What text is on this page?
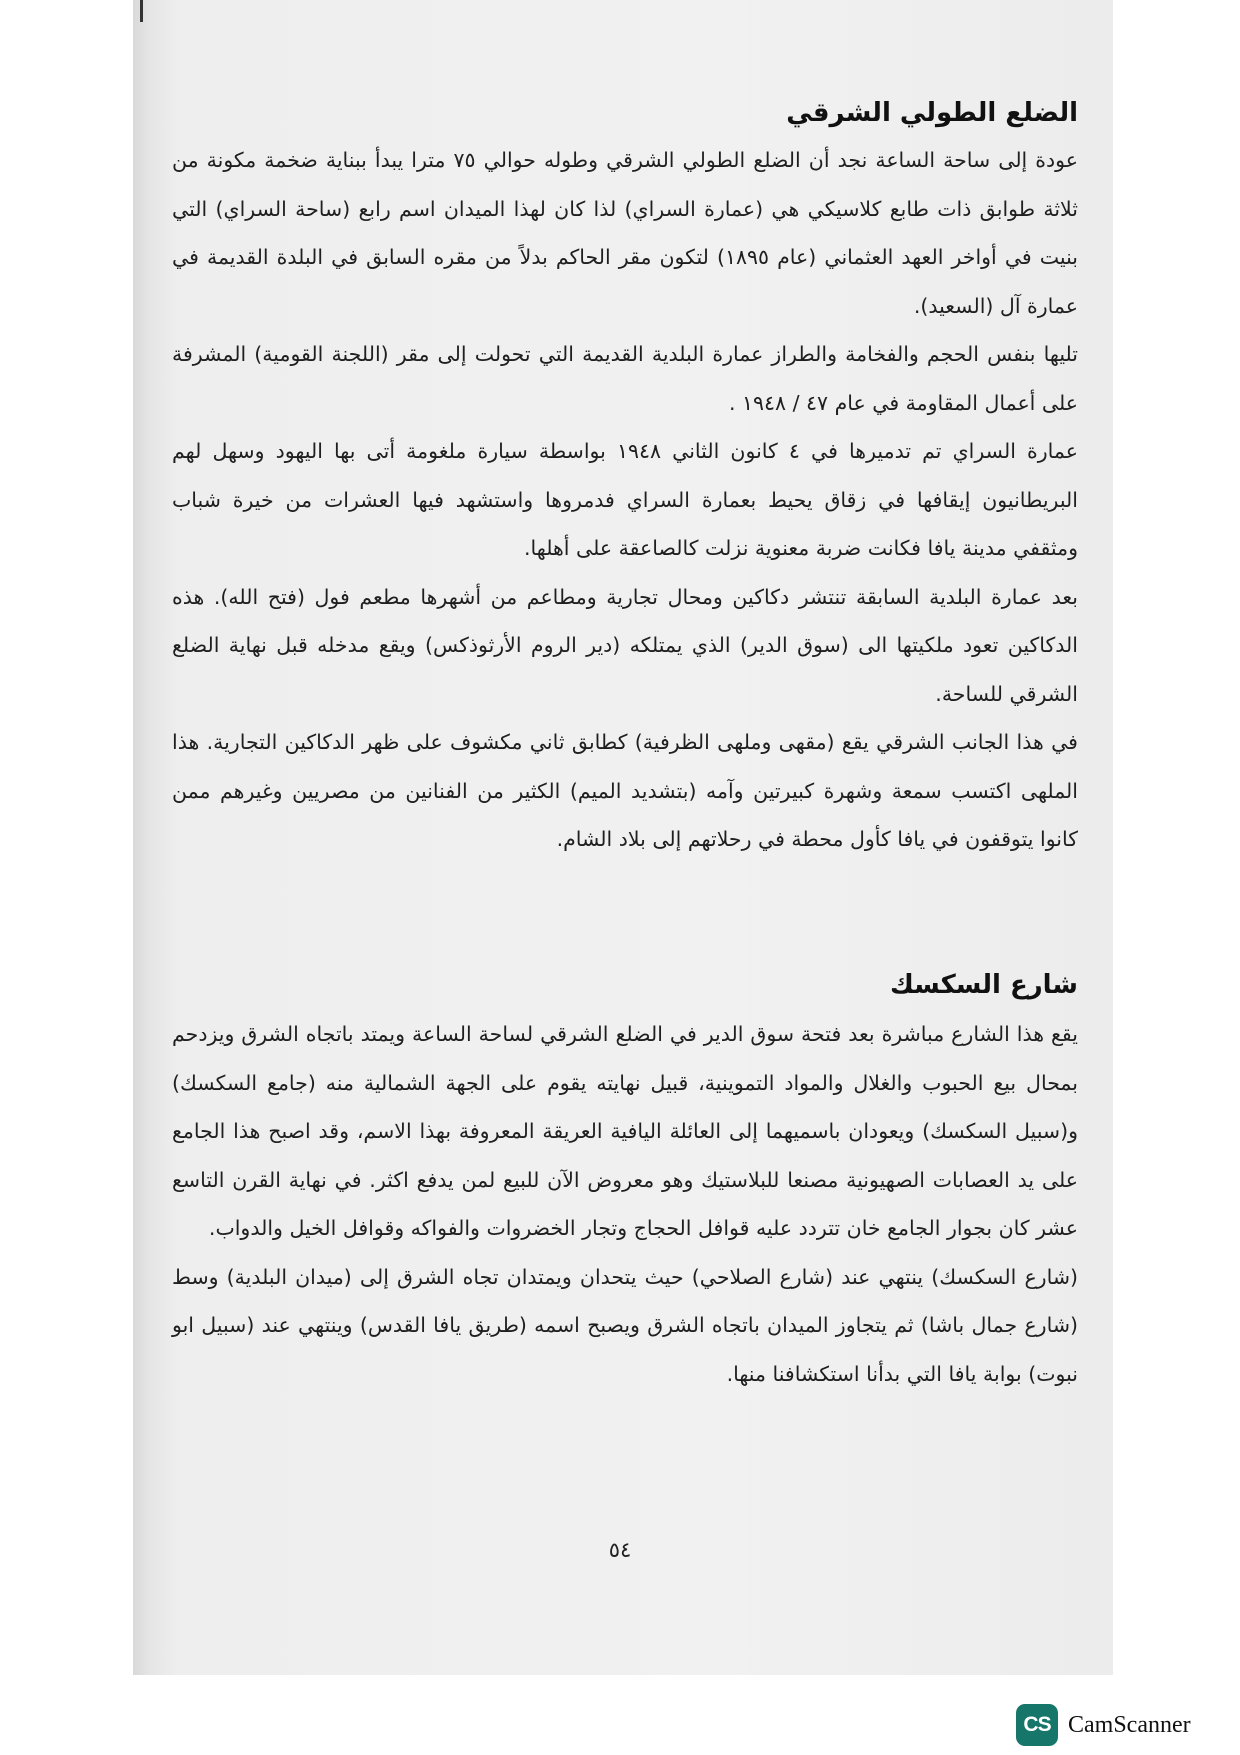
الضلع الطولي الشرقي

عودة إلى ساحة الساعة نجد أن الضلع الطولي الشرقي وطوله حوالي ٧٥ مترا يبدأ ببناية ضخمة مكونة من ثلاثة طوابق ذات طابع كلاسيكي هي (عمارة السراي) لذا كان لهذا الميدان اسم رابع (ساحة السراي) التي بنيت في أواخر العهد العثماني (عام ١٨٩٥) لتكون مقر الحاكم بدلاً من مقره السابق في البلدة القديمة في عمارة آل (السعيد).

تليها بنفس الحجم والفخامة والطراز عمارة البلدية القديمة التي تحولت إلى مقر (اللجنة القومية) المشرفة على أعمال المقاومة في عام ٤٧ / ١٩٤٨ .

عمارة السراي تم تدميرها في ٤ كانون الثاني ١٩٤٨ بواسطة سيارة ملغومة أتى بها اليهود وسهل لهم البريطانيون إيقافها في زقاق يحيط بعمارة السراي فدمروها واستشهد فيها العشرات من خيرة شباب ومثقفي مدينة يافا فكانت ضربة معنوية نزلت كالصاعقة على أهلها.

بعد عمارة البلدية السابقة تنتشر دكاكين ومحال تجارية ومطاعم من أشهرها مطعم فول (فتح الله). هذه الدكاكين تعود ملكيتها الى (سوق الدير) الذي يمتلكه (دير الروم الأرثوذكس) ويقع مدخله قبل نهاية الضلع الشرقي للساحة.

في هذا الجانب الشرقي يقع (مقهى وملهى الظرفية) كطابق ثاني مكشوف على ظهر الدكاكين التجارية. هذا الملهى اكتسب سمعة وشهرة كبيرتين وآمه (بتشديد الميم) الكثير من الفنانين من مصريين وغيرهم ممن كانوا يتوقفون في يافا كأول محطة في رحلاتهم إلى بلاد الشام.

شارع السكسك

يقع هذا الشارع مباشرة بعد فتحة سوق الدير في الضلع الشرقي لساحة الساعة ويمتد باتجاه الشرق ويزدحم بمحال بيع الحبوب والغلال والمواد التموينية، قبيل نهايته يقوم على الجهة الشمالية منه (جامع السكسك) و(سبيل السكسك) ويعودان باسميهما إلى العائلة اليافية العريقة المعروفة بهذا الاسم، وقد اصبح هذا الجامع على يد العصابات الصهيونية مصنعا للبلاستيك وهو معروض الآن للبيع لمن يدفع اكثر. في نهاية القرن التاسع عشر كان بجوار الجامع خان تتردد عليه قوافل الحجاج وتجار الخضروات والفواكه وقوافل الخيل والدواب.

(شارع السكسك) ينتهي عند (شارع الصلاحي) حيث يتحدان ويمتدان تجاه الشرق إلى (ميدان البلدية) وسط (شارع جمال باشا) ثم يتجاوز الميدان باتجاه الشرق ويصبح اسمه (طريق يافا القدس) وينتهي عند (سبيل ابو نبوت) بوابة يافا التي بدأنا استكشافنا منها.

٥٤
CS CamScanner
